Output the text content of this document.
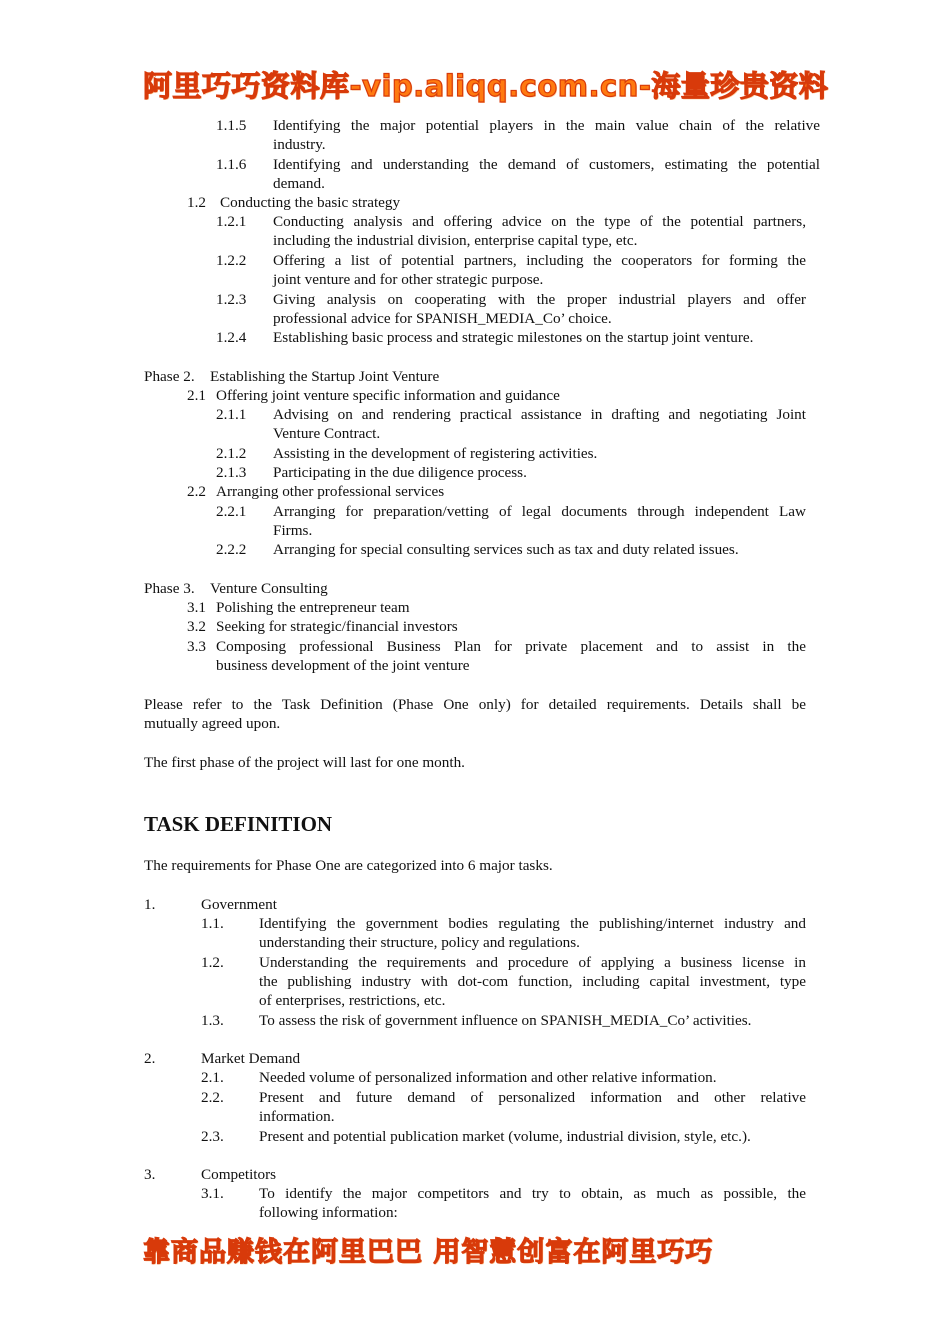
阿里巧巧资料库-vip.aliqq.com.cn-海量珍贵资料
1.1.5 Identifying the major potential players in the main value chain of the relative
industry.
1.1.6 Identifying and understanding the demand of customers, estimating the potential
demand.
1.2 Conducting the basic strategy
1.2.1 Conducting analysis and offering advice on the type of the potential partners,
including the industrial division, enterprise capital type, etc.
1.2.2 Offering a list of potential partners, including the cooperators for forming the
joint venture and for other strategic purpose.
1.2.3 Giving analysis on cooperating with the proper industrial players and offer
professional advice for SPANISH_MEDIA_Co’ choice.
1.2.4 Establishing basic process and strategic milestones on the startup joint venture.
Phase 2. Establishing the Startup Joint Venture
2.1 Offering joint venture specific information and guidance
2.1.1 Advising on and rendering practical assistance in drafting and negotiating Joint
Venture Contract.
2.1.2 Assisting in the development of registering activities.
2.1.3 Participating in the due diligence process.
2.2 Arranging other professional services
2.2.1 Arranging for preparation/vetting of legal documents through independent Law
Firms.
2.2.2 Arranging for special consulting services such as tax and duty related issues.
Phase 3. Venture Consulting
3.1 Polishing the entrepreneur team
3.2 Seeking for strategic/financial investors
3.3 Composing professional Business Plan for private placement and to assist in the
business development of the joint venture
Please refer to the Task Definition (Phase One only) for detailed requirements. Details shall be
mutually agreed upon.
The first phase of the project will last for one month.
TASK DEFINITION
The requirements for Phase One are categorized into 6 major tasks.
1.	Government
1.1. Identifying the government bodies regulating the publishing/internet industry and
understanding their structure, policy and regulations.
1.2. Understanding the requirements and procedure of applying a business license in
the publishing industry with dot-com function, including capital investment, type
of enterprises, restrictions, etc.
1.3. To assess the risk of government influence on SPANISH_MEDIA_Co’ activities.
2.	Market Demand
2.1. Needed volume of personalized information and other relative information.
2.2. Present and future demand of personalized information and other relative
information.
2.3. Present and potential publication market (volume, industrial division, style, etc.).
3.	Competitors
3.1. To identify the major competitors and try to obtain, as much as possible, the
following information:
靠商品赚钱在阿里巴巴 用智慧创富在阿里巧巧
